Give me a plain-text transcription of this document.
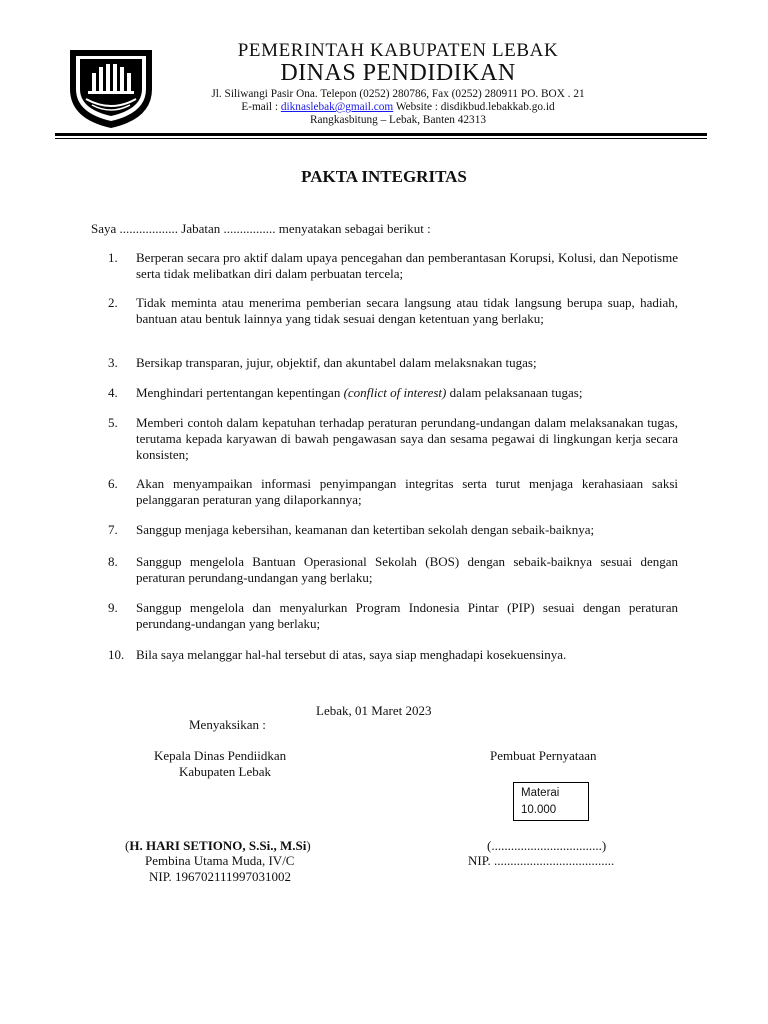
PEMERINTAH KABUPATEN LEBAK
DINAS PENDIDIKAN
Jl. Siliwangi Pasir Ona. Telepon (0252) 280786, Fax (0252) 280911 PO. BOX . 21
E-mail : diknaslebak@gmail.com Website : disdikbud.lebakkab.go.id
Rangkasbitung – Lebak, Banten 42313
PAKTA INTEGRITAS
Saya .................. Jabatan ................ menyatakan sebagai berikut :
1. Berperan secara pro aktif dalam upaya pencegahan dan pemberantasan Korupsi, Kolusi, dan Nepotisme serta tidak melibatkan diri dalam perbuatan tercela;
2. Tidak meminta atau menerima pemberian secara langsung atau tidak langsung berupa suap, hadiah, bantuan atau bentuk lainnya yang tidak sesuai dengan ketentuan yang berlaku;
3. Bersikap transparan, jujur, objektif, dan akuntabel dalam melaksnakan tugas;
4. Menghindari pertentangan kepentingan (conflict of interest) dalam pelaksanaan tugas;
5. Memberi contoh dalam kepatuhan terhadap peraturan perundang-undangan dalam melaksanakan tugas, terutama kepada karyawan di bawah pengawasan saya dan sesama pegawai di lingkungan kerja secara konsisten;
6. Akan menyampaikan informasi penyimpangan integritas serta turut menjaga kerahasiaan saksi pelanggaran peraturan yang dilaporkannya;
7. Sanggup menjaga kebersihan, keamanan dan ketertiban sekolah dengan sebaik-baiknya;
8. Sanggup mengelola Bantuan Operasional Sekolah (BOS) dengan sebaik-baiknya sesuai dengan peraturan perundang-undangan yang berlaku;
9. Sanggup mengelola dan menyalurkan Program Indonesia Pintar (PIP) sesuai dengan peraturan perundang-undangan yang berlaku;
10. Bila saya melanggar hal-hal tersebut di atas, saya siap menghadapi kosekuensinya.
Lebak, 01 Maret 2023
Menyaksikan :
Kepala Dinas Pendiidkan
Kabupaten Lebak
Pembuat Pernyataan
Materai
10.000
(H. HARI SETIONO, S.Si., M.Si)
Pembina Utama Muda, IV/C
NIP. 196702111997031002
(..................................)
NIP. .....................................
